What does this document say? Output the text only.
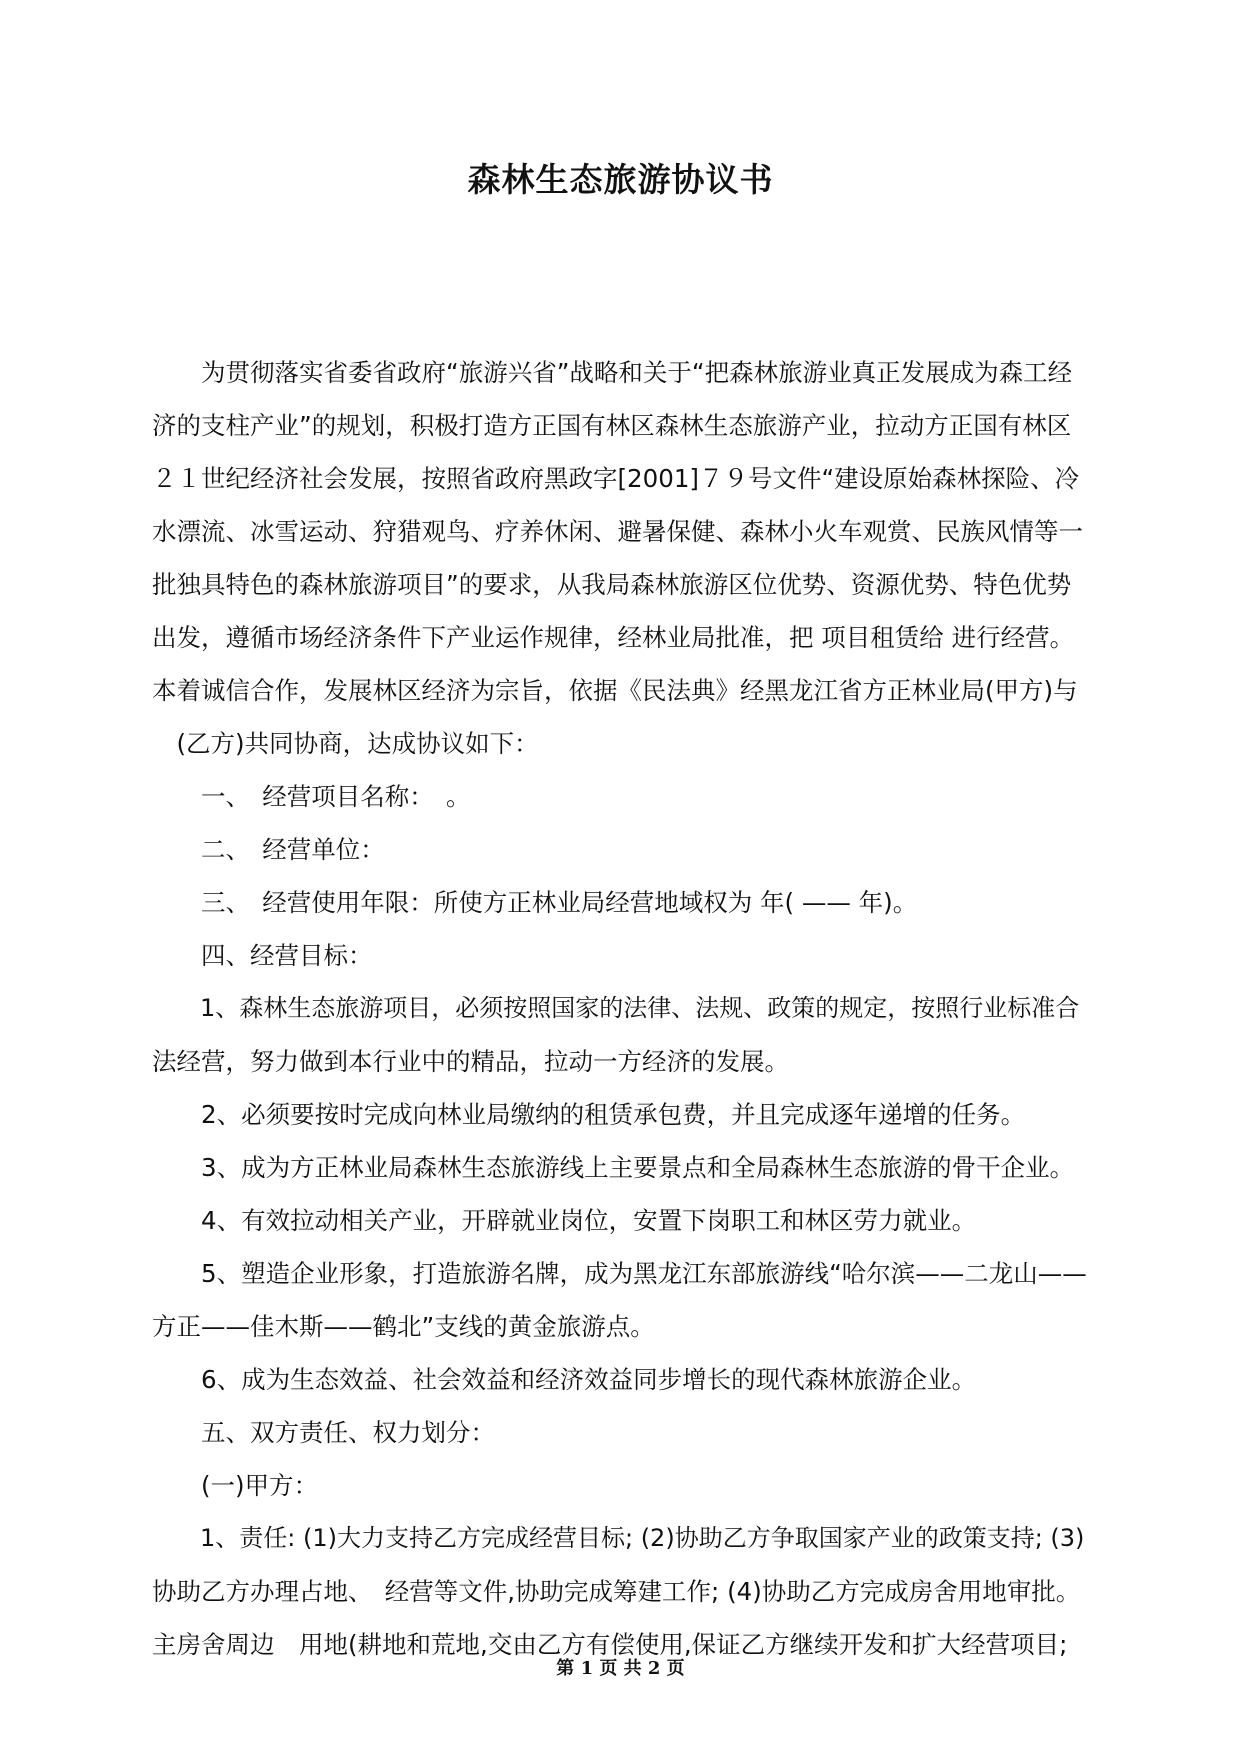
森林生态旅游协议书
　　为贯彻落实省委省政府“旅游兴省”战略和关于“把森林旅游业真正发展成为森工经
济的支柱产业”的规划，积极打造方正国有林区森林生态旅游产业，拉动方正国有林区
２１世纪经济社会发展，按照省政府黑政字[2001]７９号文件“建设原始森林探险、冷
水漂流、冰雪运动、狩猎观鸟、疗养休闲、避暑保健、森林小火车观赏、民族风情等一
批独具特色的森林旅游项目”的要求，从我局森林旅游区位优势、资源优势、特色优势
出发，遵循市场经济条件下产业运作规律，经林业局批准，把 项目租赁给 进行经营。
本着诚信合作，发展林区经济为宗旨，依据《民法典》经黑龙江省方正林业局(甲方)与
　(乙方)共同协商，达成协议如下：
　　一、　经营项目名称：　。
　　二、　经营单位：
　　三、　经营使用年限：所使方正林业局经营地域权为 年( —— 年)。
　　四、经营目标：
　　1、森林生态旅游项目，必须按照国家的法律、法规、政策的规定，按照行业标准合
法经营，努力做到本行业中的精品，拉动一方经济的发展。
　　2、必须要按时完成向林业局缴纳的租赁承包费，并且完成逐年递增的任务。
　　3、成为方正林业局森林生态旅游线上主要景点和全局森林生态旅游的骨干企业。
　　4、有效拉动相关产业，开辟就业岗位，安置下岗职工和林区劳力就业。
　　5、塑造企业形象，打造旅游名牌，成为黑龙江东部旅游线“哈尔滨——二龙山——
方正——佳木斯——鹤北”支线的黄金旅游点。
　　6、成为生态效益、社会效益和经济效益同步增长的现代森林旅游企业。
　　五、双方责任、权力划分：
　　(一)甲方：
　　1、责任: (1)大力支持乙方完成经营目标; (2)协助乙方争取国家产业的政策支持; (3)
协助乙方办理占地、　经营等文件,协助完成筹建工作; (4)协助乙方完成房舍用地审批。
主房舍周边　用地(耕地和荒地,交由乙方有偿使用,保证乙方继续开发和扩大经营项目;
第 1 页 共 2 页
